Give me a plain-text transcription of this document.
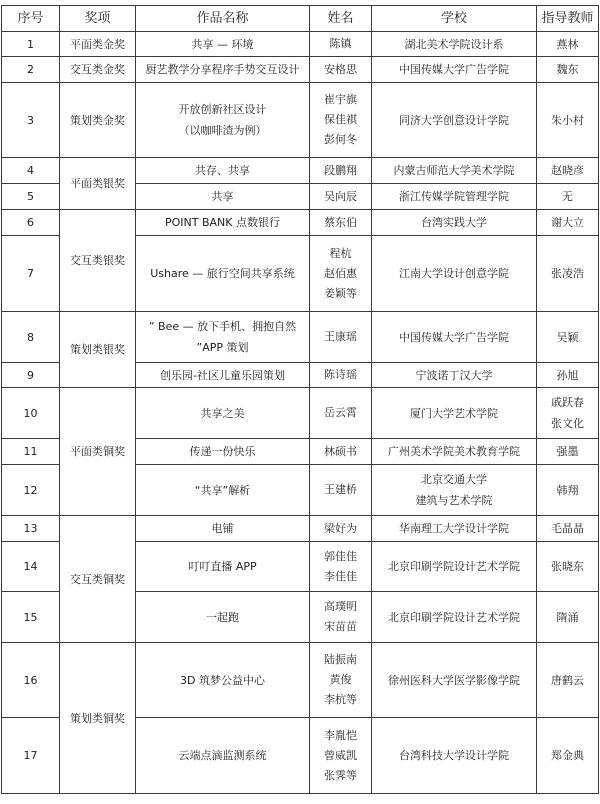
序号	奖项	作品名称	姓名	学校	指导教师
1	平面类金奖	共享 — 环境	陈镇	湖北美术学院设计系	燕林

2	交互类金奖	厨艺教学分享程序手势交互设计	安格思	中国传媒大学广告学院	魏东

3	策划类金奖	开放创新社区设计
（以咖啡渣为例）	崔宇旗
保佳祺
彭何冬	同济大学创意设计学院	朱小村

4	平面类银奖	共存、共享	段鹏翔	内蒙古师范大学美术学院	赵晓彦

5		共享	吴向辰	浙江传媒学院管理学院	无

6	交互类银奖	POINT BANK 点数银行	蔡东伯	台湾实践大学	谢大立

7		Ushare — 旅行空间共享系统	程杭
赵佰惠
姜颖等	江南大学设计创意学院	张凌浩

8	策划类银奖	” Bee — 放下手机、拥抱自然
”APP 策划	王康瑶	中国传媒大学广告学院	吴颖

9		创乐园-社区儿童乐园策划	陈诗瑶	宁波诺丁汉大学	孙旭

10	平面类铜奖	共享之美	岳云霄	厦门大学艺术学院	戚跃春
张文化

11		传递一份快乐	林硕书	广州美术学院美术教育学院	强墨

12		“共享”解析	王建桥	北京交通大学
建筑与艺术学院	韩翔

13	交互类铜奖	电铺	梁好为	华南理工大学设计学院	毛晶晶

14		叮叮直播 APP	郭佳佳
李佳佳	北京印刷学院设计艺术学院	张晓东

15		一起跑	高璞明
宋苗苗	北京印刷学院设计艺术学院	隋涌

16	策划类铜奖	3D 筑梦公益中心	陆振南
黄俊
李杭等	徐州医科大学医学影像学院	唐鹤云

17		云端点滴监测系统	李胤恺
曾威凯
张霁等	台湾科技大学设计学院	郑金典
